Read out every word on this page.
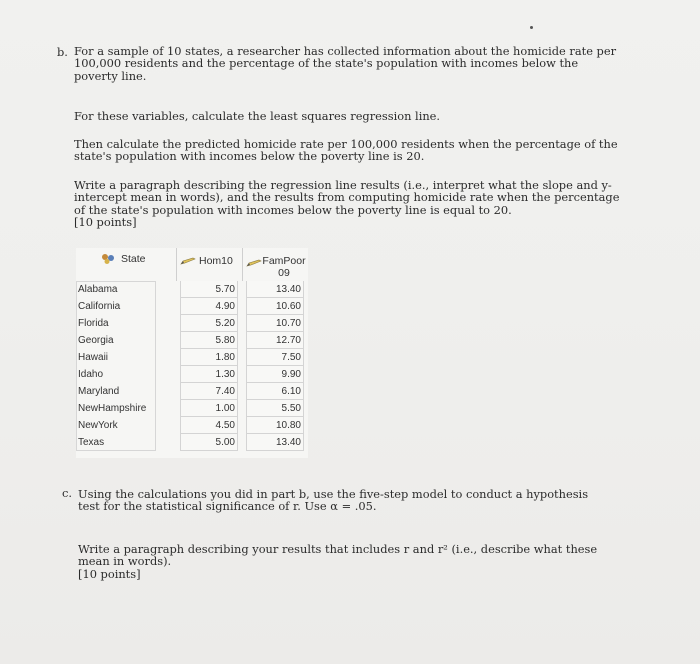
b. For a sample of 10 states, a researcher has collected information about the homicide rate per
100,000 residents and the percentage of the state's population with incomes below the
poverty line.
For these variables, calculate the least squares regression line.
Then calculate the predicted homicide rate per 100,000 residents when the percentage of the
state's population with incomes below the poverty line is 20.
Write a paragraph describing the regression line results (i.e., interpret what the slope and y-
intercept mean in words), and the results from computing homicide rate when the percentage
of the state's population with incomes below the poverty line is equal to 20.
[10 points]
State	Hom10	FamPoor
09
Alabama	5.70	13.40
California	4.90	10.60
Florida	5.20	10.70
Georgia	5.80	12.70
Hawaii	1.80	7.50
Idaho	1.30	9.90
Maryland	7.40	6.10
NewHampshire	1.00	5.50
NewYork	4.50	10.80
Texas	5.00	13.40
c. Using the calculations you did in part b, use the five-step model to conduct a hypothesis
test for the statistical significance of r. Use α = .05.
Write a paragraph describing your results that includes r and r² (i.e., describe what these
mean in words).
[10 points]
